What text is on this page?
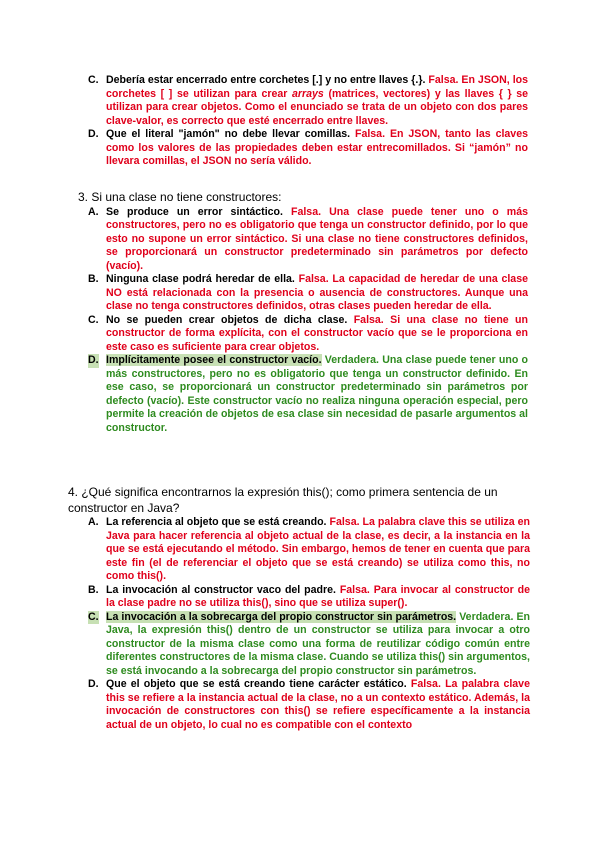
C. Debería estar encerrado entre corchetes [.] y no entre llaves {.}. Falsa. En JSON, los corchetes [ ] se utilizan para crear arrays (matrices, vectores) y las llaves { } se utilizan para crear objetos. Como el enunciado se trata de un objeto con dos pares clave-valor, es correcto que esté encerrado entre llaves.

D. Que el literal "jamón" no debe llevar comillas. Falsa. En JSON, tanto las claves como los valores de las propiedades deben estar entrecomillados. Si “jamón” no llevara comillas, el JSON no sería válido.

3. Si una clase no tiene constructores:

A. Se produce un error sintáctico. Falsa. Una clase puede tener uno o más constructores, pero no es obligatorio que tenga un constructor definido, por lo que esto no supone un error sintáctico. Si una clase no tiene constructores definidos, se proporcionará un constructor predeterminado sin parámetros por defecto (vacío).

B. Ninguna clase podrá heredar de ella. Falsa. La capacidad de heredar de una clase NO está relacionada con la presencia o ausencia de constructores. Aunque una clase no tenga constructores definidos, otras clases pueden heredar de ella.

C. No se pueden crear objetos de dicha clase. Falsa. Si una clase no tiene un constructor de forma explícita, con el constructor vacío que se le proporciona en este caso es suficiente para crear objetos.

D. Implícitamente posee el constructor vacío. Verdadera. Una clase puede tener uno o más constructores, pero no es obligatorio que tenga un constructor definido. En ese caso, se proporcionará un constructor predeterminado sin parámetros por defecto (vacío). Este constructor vacío no realiza ninguna operación especial, pero permite la creación de objetos de esa clase sin necesidad de pasarle argumentos al constructor.

4. ¿Qué significa encontrarnos la expresión this(); como primera sentencia de un constructor en Java?

A. La referencia al objeto que se está creando. Falsa. La palabra clave this se utiliza en Java para hacer referencia al objeto actual de la clase, es decir, a la instancia en la que se está ejecutando el método. Sin embargo, hemos de tener en cuenta que para este fin (el de referenciar el objeto que se está creando) se utiliza como this, no como this().

B. La invocación al constructor vaco del padre. Falsa. Para invocar al constructor de la clase padre no se utiliza this(), sino que se utiliza super().

C. La invocación a la sobrecarga del propio constructor sin parámetros. Verdadera. En Java, la expresión this() dentro de un constructor se utiliza para invocar a otro constructor de la misma clase como una forma de reutilizar código común entre diferentes constructores de la misma clase. Cuando se utiliza this() sin argumentos, se está invocando a la sobrecarga del propio constructor sin parámetros.

D. Que el objeto que se está creando tiene carácter estático. Falsa. La palabra clave this se refiere a la instancia actual de la clase, no a un contexto estático. Además, la invocación de constructores con this() se refiere específicamente a la instancia actual de un objeto, lo cual no es compatible con el contexto
